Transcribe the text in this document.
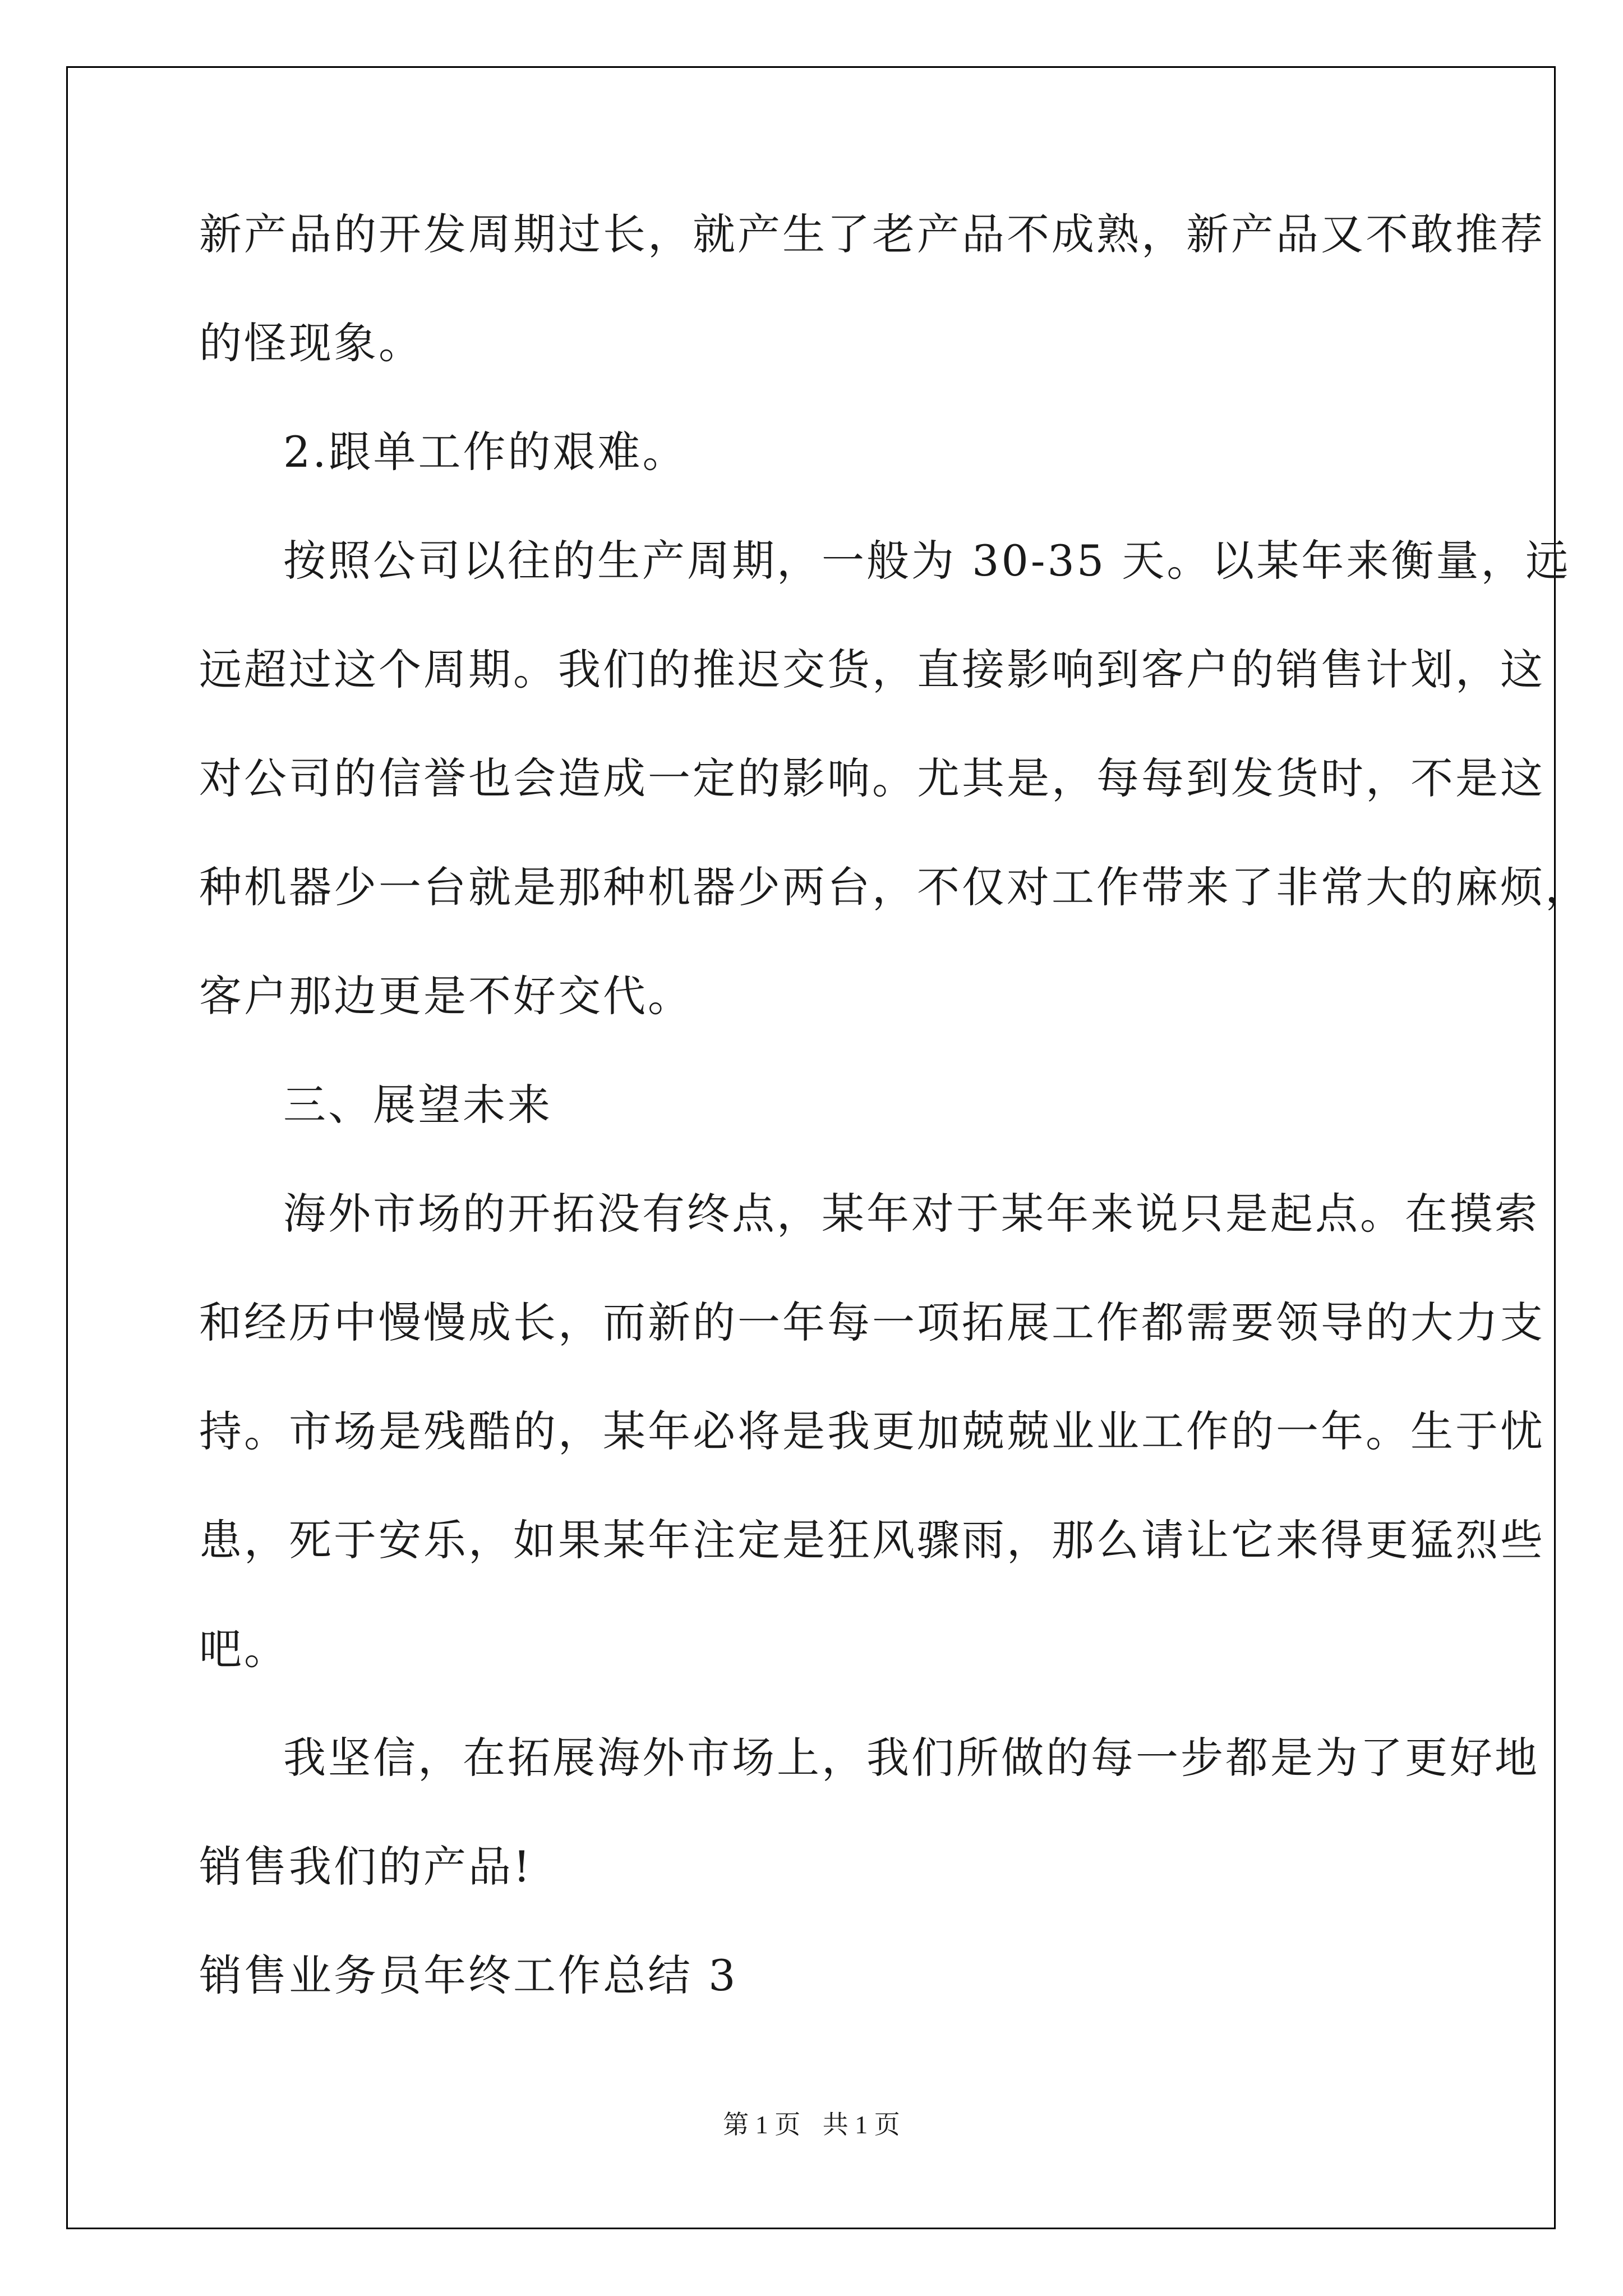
新产品的开发周期过长，就产生了老产品不成熟，新产品又不敢推荐
的怪现象。
2.跟单工作的艰难。
按照公司以往的生产周期，一般为 30-35 天。以某年来衡量，远
远超过这个周期。我们的推迟交货，直接影响到客户的销售计划，这
对公司的信誉也会造成一定的影响。尤其是，每每到发货时，不是这
种机器少一台就是那种机器少两台，不仅对工作带来了非常大的麻烦，
客户那边更是不好交代。
三、展望未来
海外市场的开拓没有终点，某年对于某年来说只是起点。在摸索
和经历中慢慢成长，而新的一年每一项拓展工作都需要领导的大力支
持。市场是残酷的，某年必将是我更加兢兢业业工作的一年。生于忧
患，死于安乐，如果某年注定是狂风骤雨，那么请让它来得更猛烈些
吧。
我坚信，在拓展海外市场上，我们所做的每一步都是为了更好地
销售我们的产品!
销售业务员年终工作总结 3
第 1 页 共 1 页
